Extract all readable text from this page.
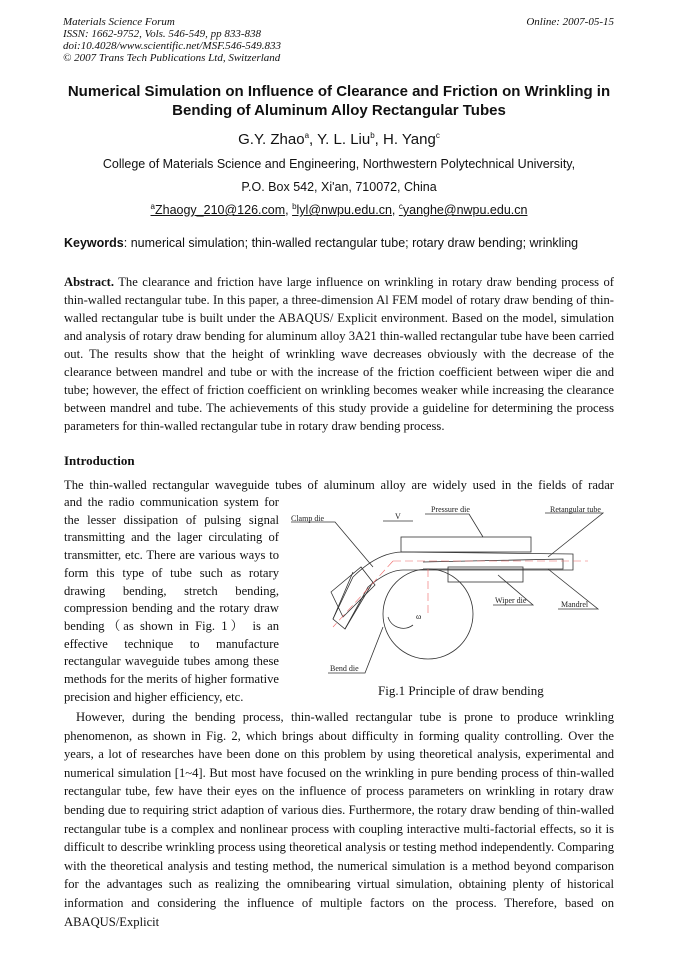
Materials Science Forum
ISSN: 1662-9752, Vols. 546-549, pp 833-838
doi:10.4028/www.scientific.net/MSF.546-549.833
© 2007 Trans Tech Publications Ltd, Switzerland
Online: 2007-05-15
Numerical Simulation on Influence of Clearance and Friction on Wrinkling in Bending of Aluminum Alloy Rectangular Tubes
G.Y. Zhao$^a$, Y. L. Liu$^b$, H. Yang$^c$
College of Materials Science and Engineering, Northwestern Polytechnical University,
P.O. Box 542, Xi'an, 710072, China
$^a$Zhaogy_210@126.com, $^b$lyl@nwpu.edu.cn, $^c$yanghe@nwpu.edu.cn
Keywords: numerical simulation; thin-walled rectangular tube; rotary draw bending; wrinkling
Abstract. The clearance and friction have large influence on wrinkling in rotary draw bending process of thin-walled rectangular tube. In this paper, a three-dimension Al FEM model of rotary draw bending of thin-walled rectangular tube is built under the ABAQUS/ Explicit environment. Based on the model, simulation and analysis of rotary draw bending for aluminum alloy 3A21 thin-walled rectangular tube have been carried out. The results show that the height of wrinkling wave decreases obviously with the decrease of the clearance between mandrel and tube or with the increase of the friction coefficient between wiper die and tube; however, the effect of friction coefficient on wrinkling becomes weaker while increasing the clearance between mandrel and tube. The achievements of this study provide a guideline for determining the process parameters for thin-walled rectangular tube in rotary draw bending process.
Introduction
The thin-walled rectangular waveguide tubes of aluminum alloy are widely used in the fields of radar
and the radio communication system for the lesser dissipation of pulsing signal transmitting and the lager circulating of transmitter, etc. There are various ways to form this type of tube such as rotary drawing bending, stretch bending, compression bending and the rotary draw bending（as shown in Fig. 1） is an effective technique to manufacture rectangular waveguide tubes among these methods for the merits of higher formative precision and higher efficiency, etc.
Clamp die
Pressure die	Retangular tube
V
Wiper die	Mandrel
Bend die
ω
Fig.1 Principle of draw bending
However, during the bending process, thin-walled rectangular tube is prone to produce wrinkling phenomenon, as shown in Fig. 2, which brings about difficulty in forming quality controlling. Over the years, a lot of researches have been done on this problem by using theoretical analysis, experimental and numerical simulation [1~4]. But most have focused on the wrinkling in pure bending process of thin-walled rectangular tube, few have their eyes on the influence of process parameters on wrinkling in rotary draw bending due to requiring strict adaption of various dies. Furthermore, the rotary draw bending of thin-walled rectangular tube is a complex and nonlinear process with coupling interactive multi-factorial effects, so it is difficult to describe wrinkling process using theoretical analysis or testing method independently. Comparing with the theoretical analysis and testing method, the numerical simulation is a method beyond comparison for the advantages such as realizing the omnibearing virtual simulation, obtaining plenty of historical information and considering the influence of multiple factors on the process. Therefore, based on ABAQUS/Explicit
